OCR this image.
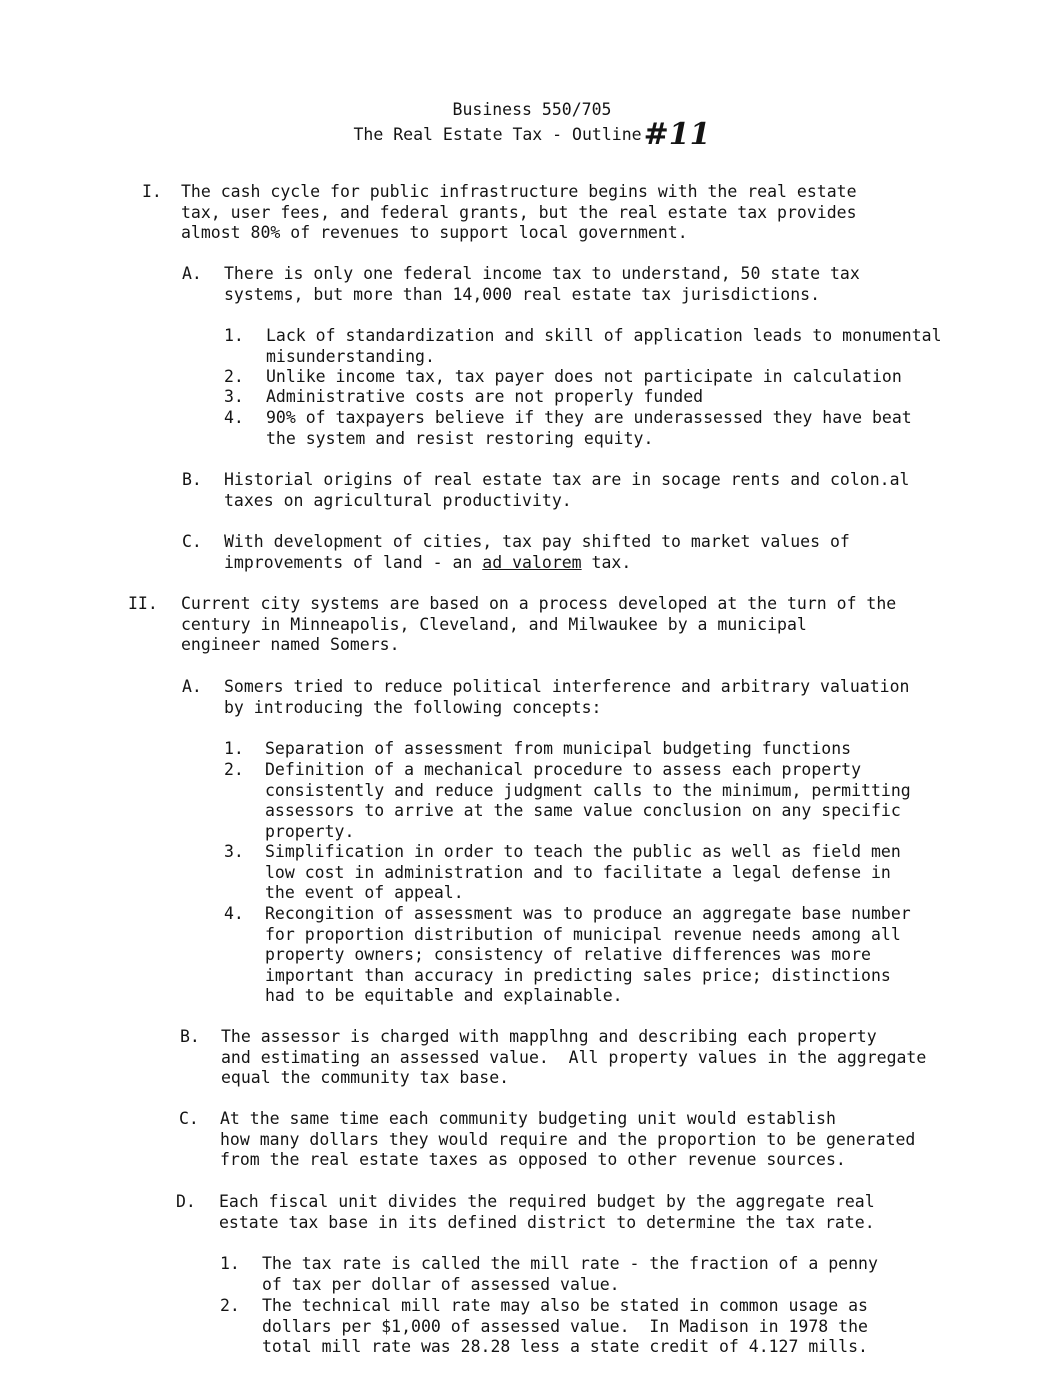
Business 550/705
The Real Estate Tax - Outline#11
I. The cash cycle for public infrastructure begins with the real estate
tax, user fees, and federal grants, but the real estate tax provides
almost 80% of revenues to support local government.
A. There is only one federal income tax to understand, 50 state tax
systems, but more than 14,000 real estate tax jurisdictions.
1. Lack of standardization and skill of application leads to monumental
misunderstanding.
2. Unlike income tax, tax payer does not participate in calculation
3. Administrative costs are not properly funded
4. 90% of taxpayers believe if they are underassessed they have beat
the system and resist restoring equity.
B. Historial origins of real estate tax are in socage rents and colon.al
taxes on agricultural productivity.
C. With development of cities, tax pay shifted to market values of
improvements of land - an ad valorem tax.
II. Current city systems are based on a process developed at the turn of the
century in Minneapolis, Cleveland, and Milwaukee by a municipal
engineer named Somers.
A. Somers tried to reduce political interference and arbitrary valuation
by introducing the following concepts:
1. Separation of assessment from municipal budgeting functions
2. Definition of a mechanical procedure to assess each property
consistently and reduce judgment calls to the minimum, permitting
assessors to arrive at the same value conclusion on any specific
property.
3. Simplification in order to teach the public as well as field men
low cost in administration and to facilitate a legal defense in
the event of appeal.
4. Recongition of assessment was to produce an aggregate base number
for proportion distribution of municipal revenue needs among all
property owners; consistency of relative differences was more
important than accuracy in predicting sales price; distinctions
had to be equitable and explainable.
B. The assessor is charged with mapplhng and describing each property
and estimating an assessed value.  All property values in the aggregate
equal the community tax base.
C. At the same time each community budgeting unit would establish
how many dollars they would require and the proportion to be generated
from the real estate taxes as opposed to other revenue sources.
D. Each fiscal unit divides the required budget by the aggregate real
estate tax base in its defined district to determine the tax rate.
1. The tax rate is called the mill rate - the fraction of a penny
of tax per dollar of assessed value.
2. The technical mill rate may also be stated in common usage as
dollars per $1,000 of assessed value.  In Madison in 1978 the
total mill rate was 28.28 less a state credit of 4.127 mills.
